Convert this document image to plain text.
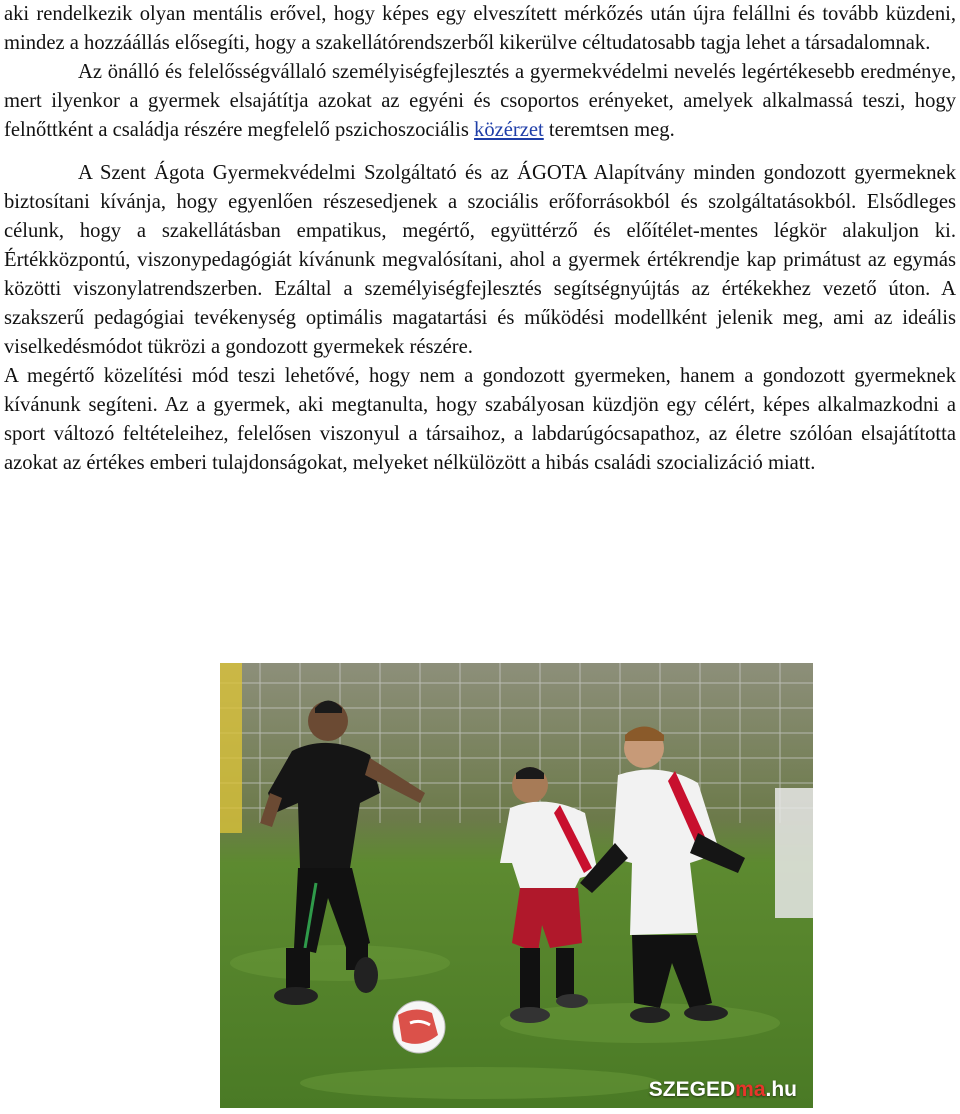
aki rendelkezik olyan mentális erővel, hogy képes egy elveszített mérkőzés után újra felállni és tovább küzdeni, mindez a hozzáállás elősegíti, hogy a szakellátórendszerből kikerülve céltudatosabb tagja lehet a társadalomnak.

Az önálló és felelősségvállaló személyiségfejlesztés a gyermekvédelmi nevelés legértékesebb eredménye, mert ilyenkor a gyermek elsajátítja azokat az egyéni és csoportos erényeket, amelyek alkalmassá teszi, hogy felnőttként a családja részére megfelelő pszichoszociális közérzet teremtsen meg.

A Szent Ágota Gyermekvédelmi Szolgáltató és az ÁGOTA Alapítvány minden gondozott gyermeknek biztosítani kívánja, hogy egyenlően részesedjenek a szociális erőforrásokból és szolgáltatásokból. Elsődleges célunk, hogy a szakellátásban empatikus, megértő, együttérző és előítélet-mentes légkör alakuljon ki. Értékközpontú, viszonypedagógiát kívánunk megvalósítani, ahol a gyermek értékrendje kap primátust az egymás közötti viszonylatrendszerben. Ezáltal a személyiségfejlesztés segítségnyújtás az értékekhez vezető úton. A szakszerű pedagógiai tevékenység optimális magatartási és működési modellként jelenik meg, ami az ideális viselkedésmódot tükrözi a gondozott gyermekek részére.

A megértő közelítési mód teszi lehetővé, hogy nem a gondozott gyermeken, hanem a gondozott gyermeknek kívánunk segíteni. Az a gyermek, aki megtanulta, hogy szabályosan küzdjön egy célért, képes alkalmazkodni a sport változó feltételeihez, felelősen viszonyul a társaihoz, a labdarúgócsapathoz, az életre szólóan elsajátította azokat az értékes emberi tulajdonságokat, melyeket nélkülözött a hibás családi szocializáció miatt.

SZEGEDma.hu
